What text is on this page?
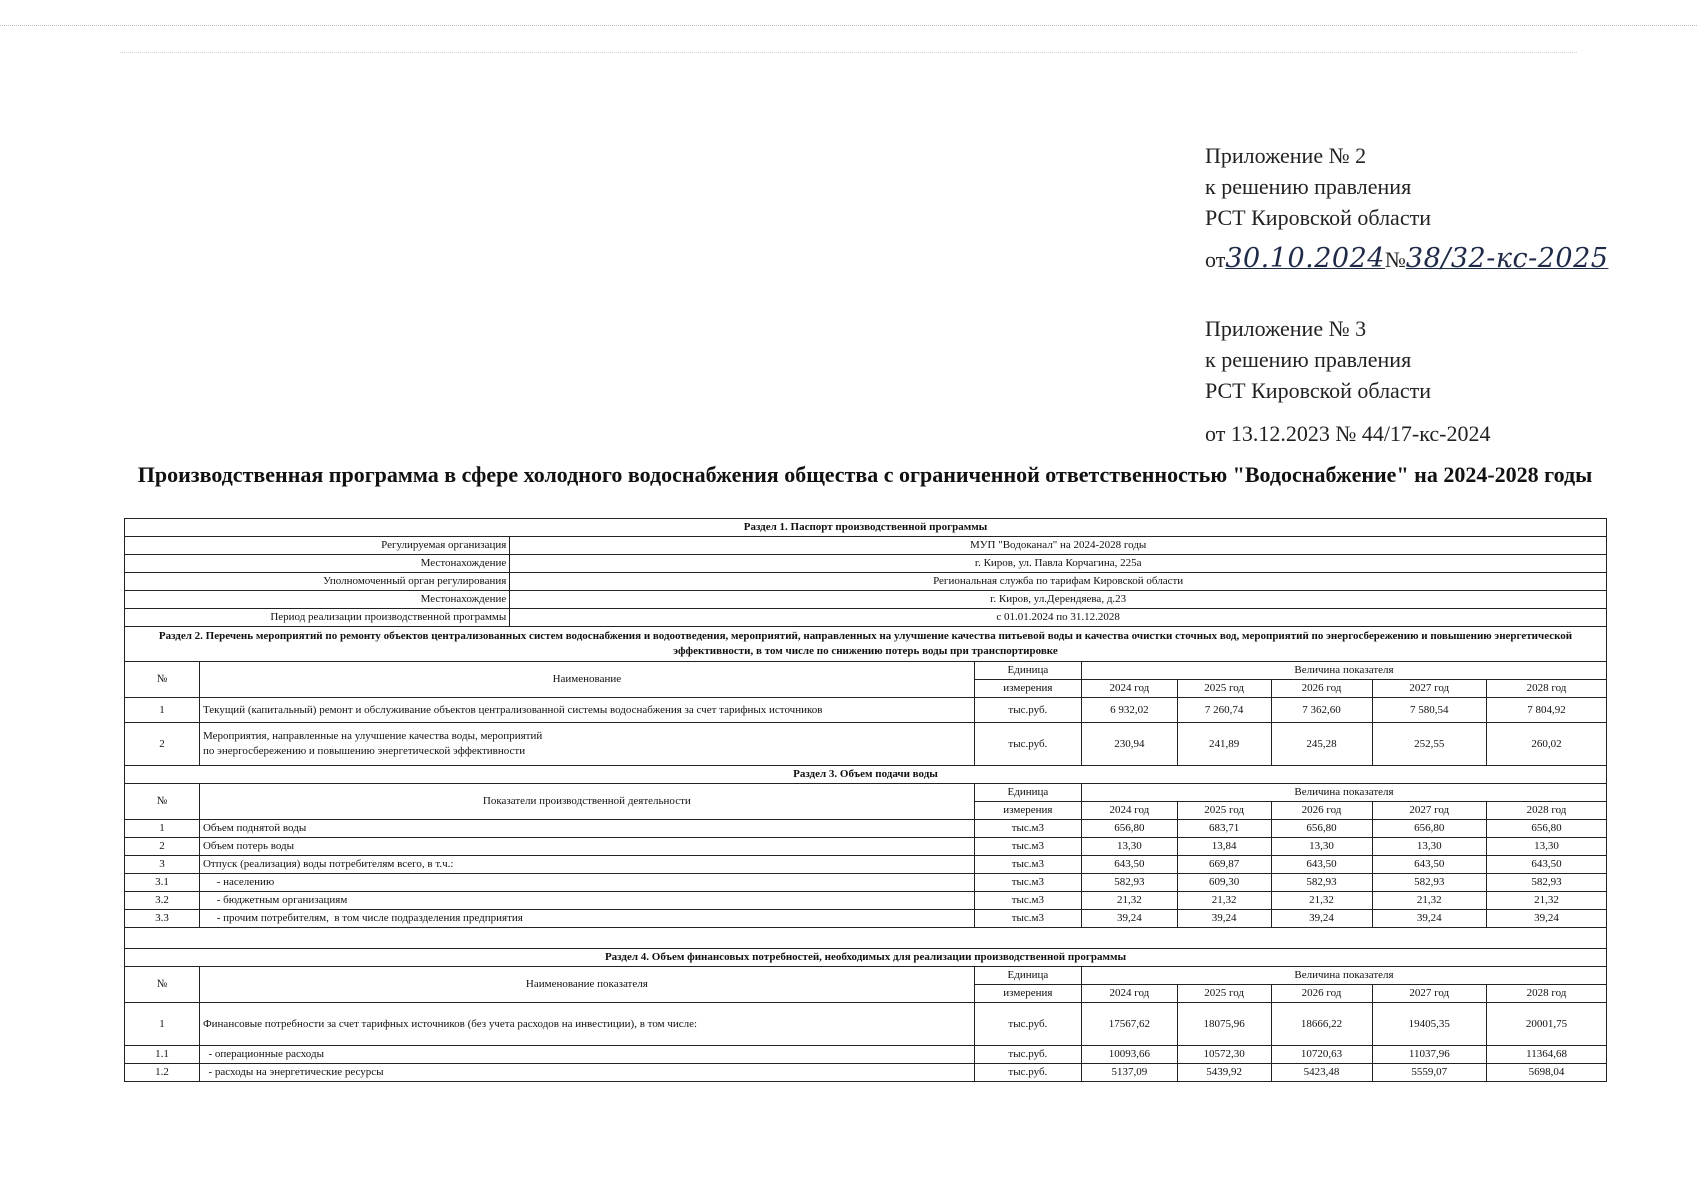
Приложение № 2
к решению правления
РСТ Кировской области
от30.10.2024№38/32-кс-2025
Приложение № 3
к решению правления
РСТ Кировской области
от 13.12.2023 № 44/17-кс-2024
Производственная программа в сфере холодного водоснабжения общества с ограниченной ответственностью "Водоснабжение" на 2024-2028 годы
Раздел 1. Паспорт производственной программы								
Регулируемая организация		МУП "Водоканал" на 2024-2028 годы						
Местонахождение		г. Киров, ул. Павла Корчагина, 225а						
Уполномоченный орган регулирования		Региональная служба по тарифам Кировской области						
Местонахождение		г. Киров, ул.Дерендяева, д.23						
Период реализации производственной программы		с 01.01.2024 по 31.12.2028						
Раздел 2. Перечень мероприятий по ремонту объектов централизованных систем водоснабжения и водоотведения, мероприятий, направленных на улучшение качества питьевой воды и качества очистки сточных вод, мероприятий по энергосбережению и повышению энергетической эффективности, в том числе по снижению потерь воды при транспортировке								
№	Наименование		Единица	Величина показателя				
			измерения	2024 год	2025 год	2026 год	2027 год	2028 год
1	Текущий (капитальный) ремонт и обслуживание объектов централизованной системы водоснабжения за счет тарифных источников		тыс.руб.	6 932,02	7 260,74	7 362,60	7 580,54	7 804,92
2	Мероприятия, направленные на улучшение качества воды, мероприятий
по энергосбережению и повышению энергетической эффективности		тыс.руб.	230,94	241,89	245,28	252,55	260,02
Раздел 3. Объем подачи воды								
№	Показатели производственной деятельности		Единица	Величина показателя				
			измерения	2024 год	2025 год	2026 год	2027 год	2028 год
1	Объем поднятой воды		тыс.м3	656,80	683,71	656,80	656,80	656,80
2	Объем потерь воды		тыс.м3	13,30	13,84	13,30	13,30	13,30
3	Отпуск (реализация) воды потребителям всего, в т.ч.:		тыс.м3	643,50	669,87	643,50	643,50	643,50
3.1	- населению		тыс.м3	582,93	609,30	582,93	582,93	582,93
3.2	- бюджетным организациям		тыс.м3	21,32	21,32	21,32	21,32	21,32
3.3	- прочим потребителям,  в том числе подразделения предприятия		тыс.м3	39,24	39,24	39,24	39,24	39,24

Раздел 4. Объем финансовых потребностей, необходимых для реализации производственной программы								
№	Наименование показателя		Единица	Величина показателя				
			измерения	2024 год	2025 год	2026 год	2027 год	2028 год
1	Финансовые потребности за счет тарифных источников (без учета расходов на инвестиции), в том числе:		тыс.руб.	17567,62	18075,96	18666,22	19405,35	20001,75
1.1	- операционные расходы		тыс.руб.	10093,66	10572,30	10720,63	11037,96	11364,68
1.2	- расходы на энергетические ресурсы		тыс.руб.	5137,09	5439,92	5423,48	5559,07	5698,04
